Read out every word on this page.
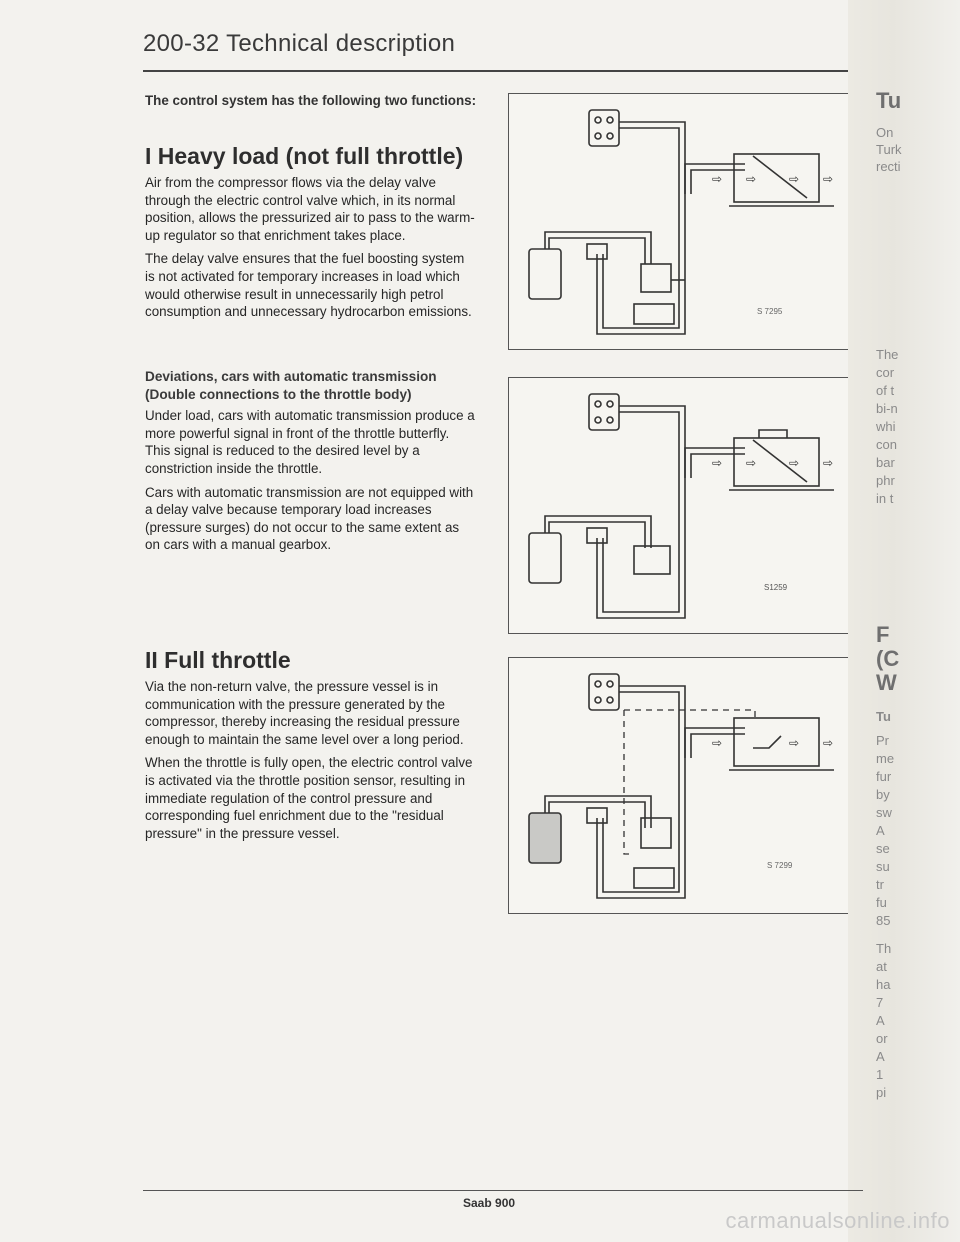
200-32 Technical description

The control system has the following two functions:

I Heavy load (not full throttle)

Air from the compressor flows via the delay valve through the electric control valve which, in its normal position, allows the pressurized air to pass to the warm-up regulator so that enrichment takes place.

The delay valve ensures that the fuel boosting system is not activated for temporary increases in load which would otherwise result in unnecessarily high petrol consumption and unnecessary hydrocarbon emissions.

Deviations, cars with automatic transmission (Double connections to the throttle body)

Under load, cars with automatic transmission produce a more powerful signal in front of the throttle butterfly. This signal is reduced to the desired level by a constriction inside the throttle.

Cars with automatic transmission are not equipped with a delay valve because temporary load increases (pressure surges) do not occur to the same extent as on cars with a manual gearbox.

II Full throttle

Via the non-return valve, the pressure vessel is in communication with the pressure generated by the compressor, thereby increasing the residual pressure enough to maintain the same level over a long period.

When the throttle is fully open, the electric control valve is activated via the throttle position sensor, resulting in immediate regulation of the control pressure and corresponding fuel enrichment due to the "residual pressure" in the pressure vessel.

⇨ ⇨	⇨ ⇨
S 7295
⇨ ⇨	⇨ ⇨
S1259
⇨	⇨ ⇨
S 7299
Tu
On
Turk
recti
The
cor
of t
bi-n
whi
con
bar
phr
in t
F
(C
W
Tu
Pr
me
fur
by
sw
A
se
su
tr
fu
85
Th
at
ha
7
A
or
A
1
pi
Saab 900
carmanualsonline.info
